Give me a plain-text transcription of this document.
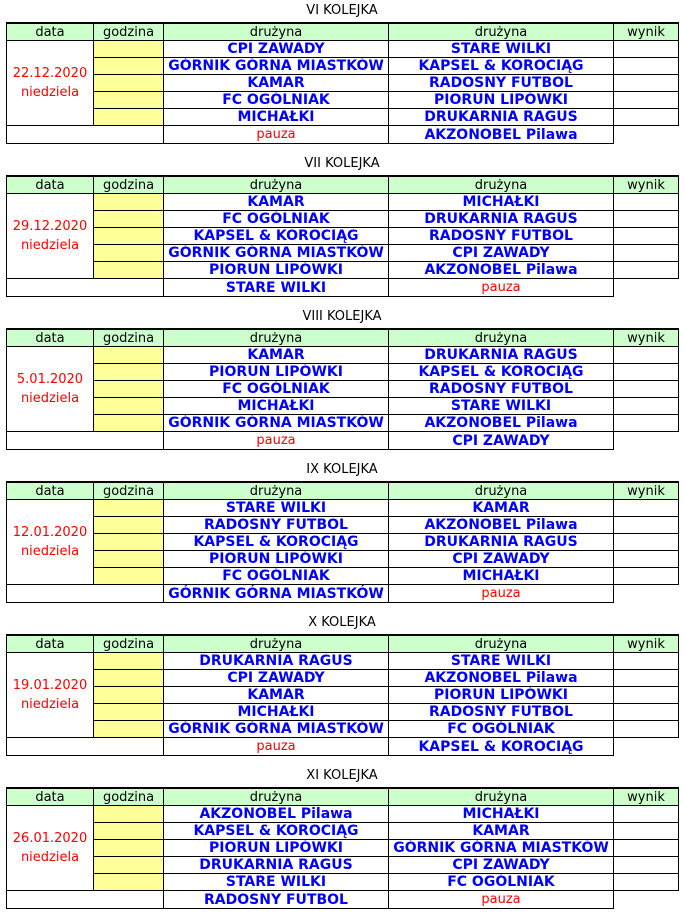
VI KOLEJKA
data	godzina	drużyna	drużyna	wynik

22.12.2020
niedziela		CPI ZAWADY	STARE WILKI	
		GÓRNIK GÓRNA MIASTKÓW	KAPSEL & KOROCIĄG	
		KAMAR	RADOSNY FUTBOL	
		FC OGÓLNIAK	PIORUN LIPÓWKI	
		MICHAŁKI	DRUKARNIA RAGUS	
		pauza	AKZONOBEL Pilawa	
VII KOLEJKA
data	godzina	drużyna	drużyna	wynik

29.12.2020
niedziela		KAMAR	MICHAŁKI	
		FC OGÓLNIAK	DRUKARNIA RAGUS	
		KAPSEL & KOROCIĄG	RADOSNY FUTBOL	
		GÓRNIK GÓRNA MIASTKÓW	CPI ZAWADY	
		PIORUN LIPÓWKI	AKZONOBEL Pilawa	
		STARE WILKI	pauza	
VIII KOLEJKA
data	godzina	drużyna	drużyna	wynik

5.01.2020
niedziela		KAMAR	DRUKARNIA RAGUS	
		PIORUN LIPÓWKI	KAPSEL & KOROCIĄG	
		FC OGÓLNIAK	RADOSNY FUTBOL	
		MICHAŁKI	STARE WILKI	
		GÓRNIK GÓRNA MIASTKÓW	AKZONOBEL Pilawa	
		pauza	CPI ZAWADY	
IX KOLEJKA
data	godzina	drużyna	drużyna	wynik

12.01.2020
niedziela		STARE WILKI	KAMAR	
		RADOSNY FUTBOL	AKZONOBEL Pilawa	
		KAPSEL & KOROCIĄG	DRUKARNIA RAGUS	
		PIORUN LIPÓWKI	CPI ZAWADY	
		FC OGÓLNIAK	MICHAŁKI	
		GÓRNIK GÓRNA MIASTKÓW	pauza	
X KOLEJKA
data	godzina	drużyna	drużyna	wynik

19.01.2020
niedziela		DRUKARNIA RAGUS	STARE WILKI	
		CPI ZAWADY	AKZONOBEL Pilawa	
		KAMAR	PIORUN LIPÓWKI	
		MICHAŁKI	RADOSNY FUTBOL	
		GÓRNIK GÓRNA MIASTKÓW	FC OGÓLNIAK	
		pauza	KAPSEL & KOROCIĄG	
XI KOLEJKA
data	godzina	drużyna	drużyna	wynik

26.01.2020
niedziela		AKZONOBEL Pilawa	MICHAŁKI	
		KAPSEL & KOROCIĄG	KAMAR	
		PIORUN LIPÓWKI	GÓRNIK GÓRNA MIASTKÓW	
		DRUKARNIA RAGUS	CPI ZAWADY	
		STARE WILKI	FC OGÓLNIAK	
		RADOSNY FUTBOL	pauza	
